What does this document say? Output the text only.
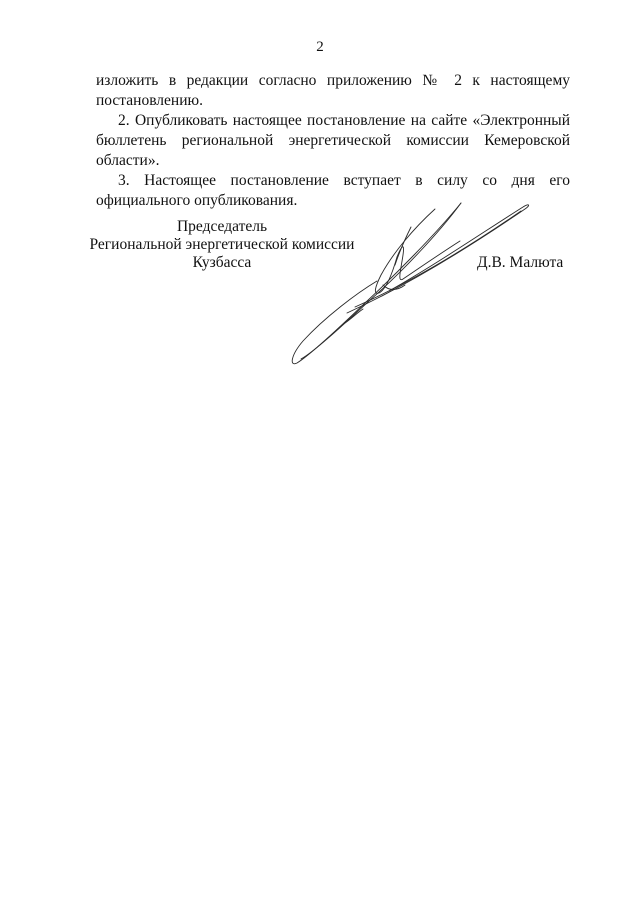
2

изложить в редакции согласно приложению № 2 к настоящему постановлению.

2. Опубликовать настоящее постановление на сайте «Электронный бюллетень региональной энергетической комиссии Кемеровской области».

3. Настоящее постановление вступает в силу со дня его официального опубликования.

Председатель
Региональной энергетической комиссии
Кузбасса	Д.В. Малюта
